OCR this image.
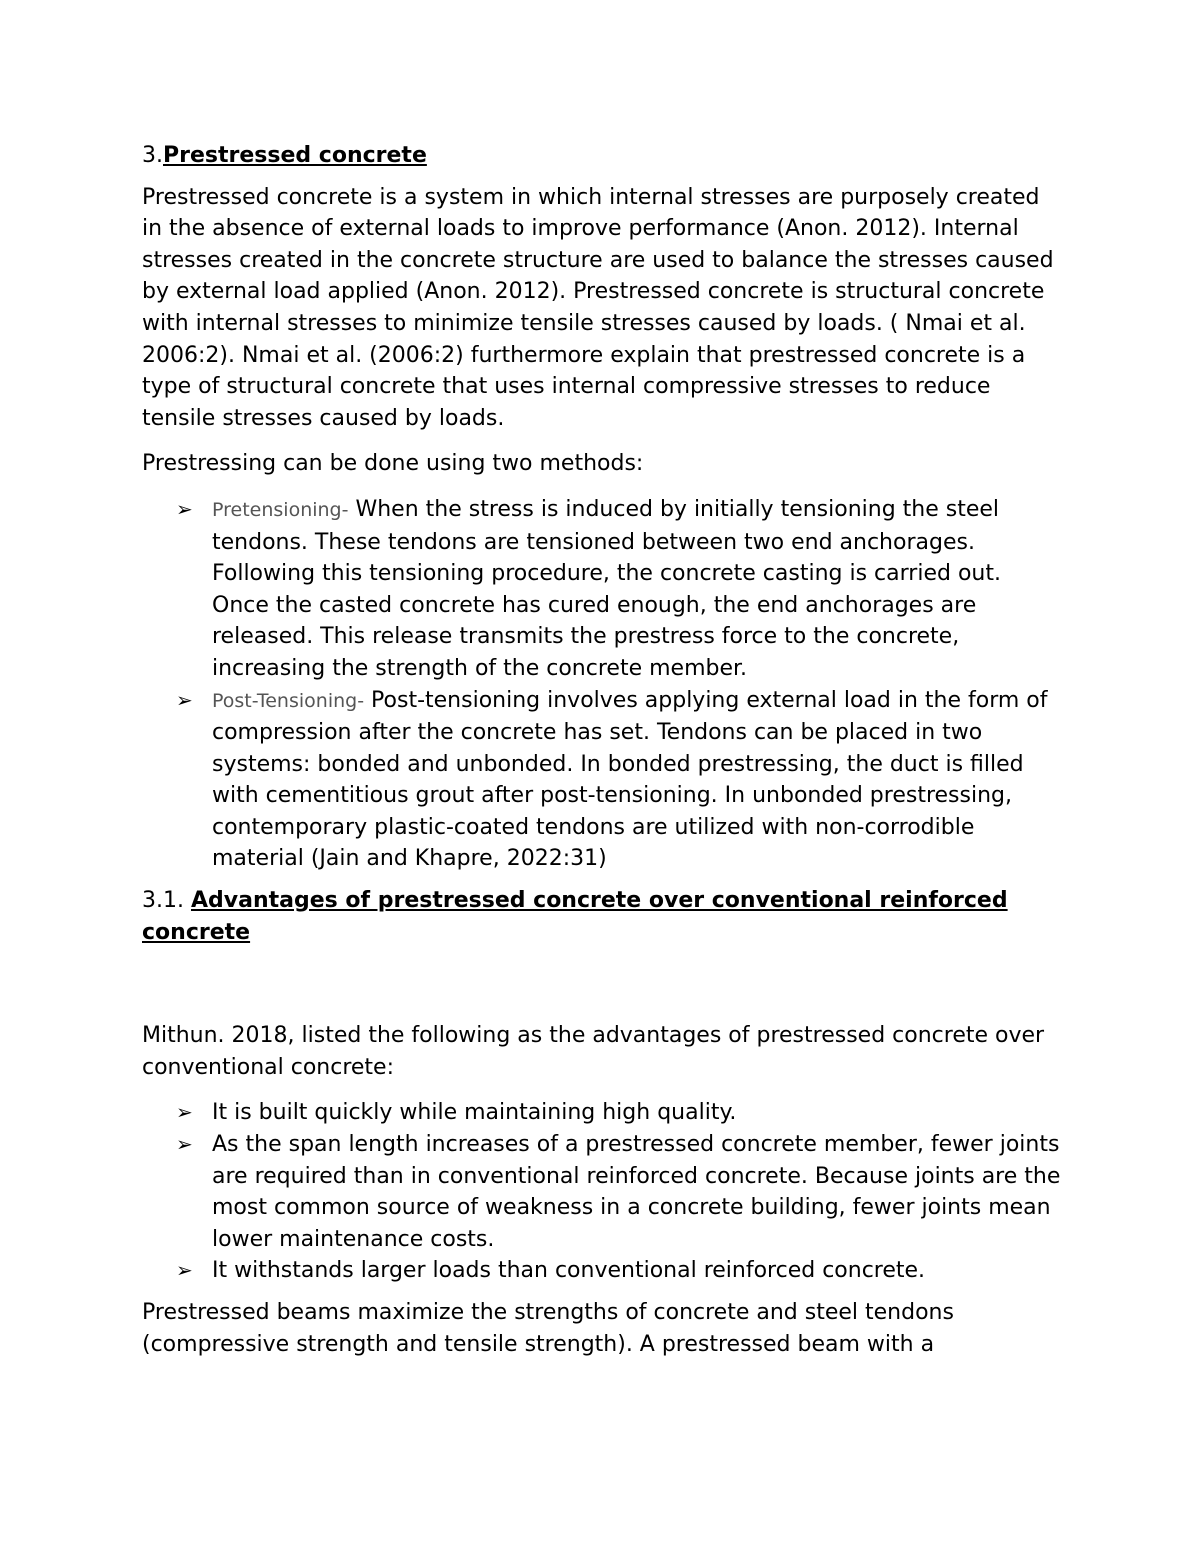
3.Prestressed concrete

Prestressed concrete is a system in which internal stresses are purposely created in the absence of external loads to improve performance (Anon. 2012). Internal stresses created in the concrete structure are used to balance the stresses caused by external load applied (Anon. 2012). Prestressed concrete is structural concrete with internal stresses to minimize tensile stresses caused by loads. ( Nmai et al. 2006:2). Nmai et al. (2006:2) furthermore explain that prestressed concrete is a type of structural concrete that uses internal compressive stresses to reduce tensile stresses caused by loads.

Prestressing can be done using two methods:

➢ Pretensioning- When the stress is induced by initially tensioning the steel tendons. These tendons are tensioned between two end anchorages. Following this tensioning procedure, the concrete casting is carried out. Once the casted concrete has cured enough, the end anchorages are released. This release transmits the prestress force to the concrete, increasing the strength of the concrete member.
➢ Post-Tensioning- Post-tensioning involves applying external load in the form of compression after the concrete has set. Tendons can be placed in two systems: bonded and unbonded. In bonded prestressing, the duct is filled with cementitious grout after post-tensioning. In unbonded prestressing, contemporary plastic-coated tendons are utilized with non-corrodible material (Jain and Khapre, 2022:31)
3.1. Advantages of prestressed concrete over conventional reinforced concrete

Mithun. 2018, listed the following as the advantages of prestressed concrete over conventional concrete:

➢ It is built quickly while maintaining high quality.
➢ As the span length increases of a prestressed concrete member, fewer joints are required than in conventional reinforced concrete. Because joints are the most common source of weakness in a concrete building, fewer joints mean lower maintenance costs.
➢ It withstands larger loads than conventional reinforced concrete.

Prestressed beams maximize the strengths of concrete and steel tendons (compressive strength and tensile strength). A prestressed beam with a
